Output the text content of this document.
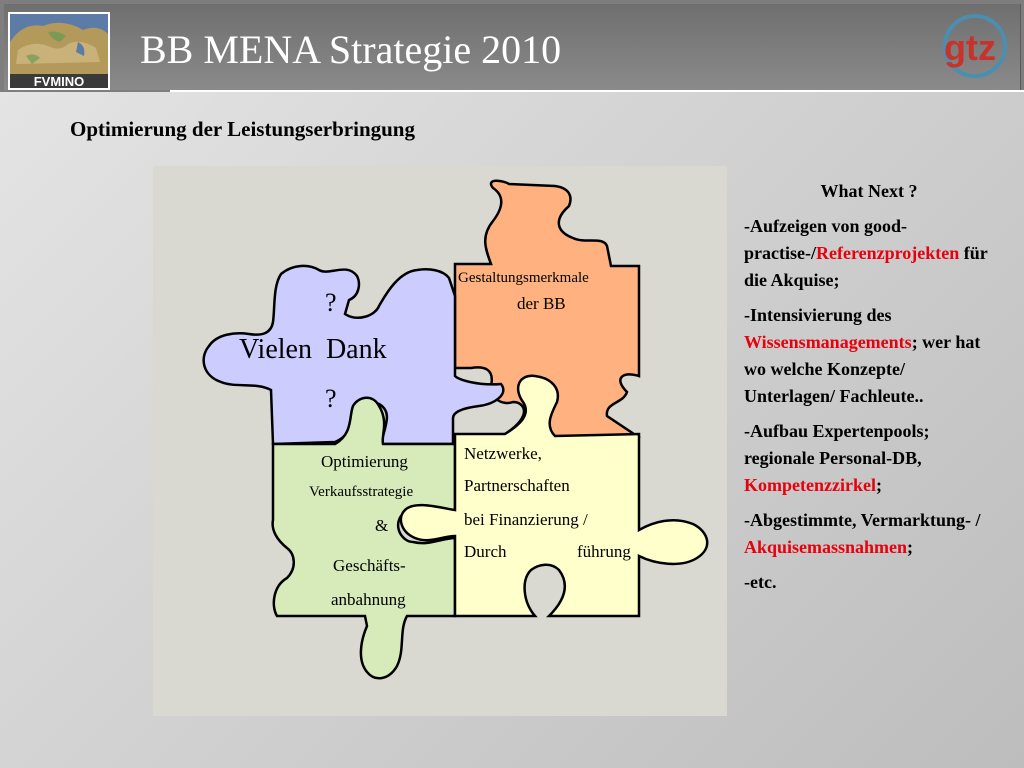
FVMINO
BB MENA Strategie 2010	gtz
Optimierung der Leistungserbringung
?
Vielen  Dank
?
Gestaltungsmerkmale
der BB
Optimierung
Verkaufsstrategie
&
Geschäfts-
anbahnung
Netzwerke,
Partnerschaften
bei Finanzierung /
Durch	führung
What Next ?
-Aufzeigen von good-practise-/Referenzprojekten für die Akquise;
-Intensivierung des Wissensmanagements; wer hat wo welche Konzepte/ Unterlagen/ Fachleute..
-Aufbau Expertenpools; regionale Personal-DB, Kompetenzzirkel;
-Abgestimmte, Vermarktung- / Akquisemassnahmen;
-etc.
